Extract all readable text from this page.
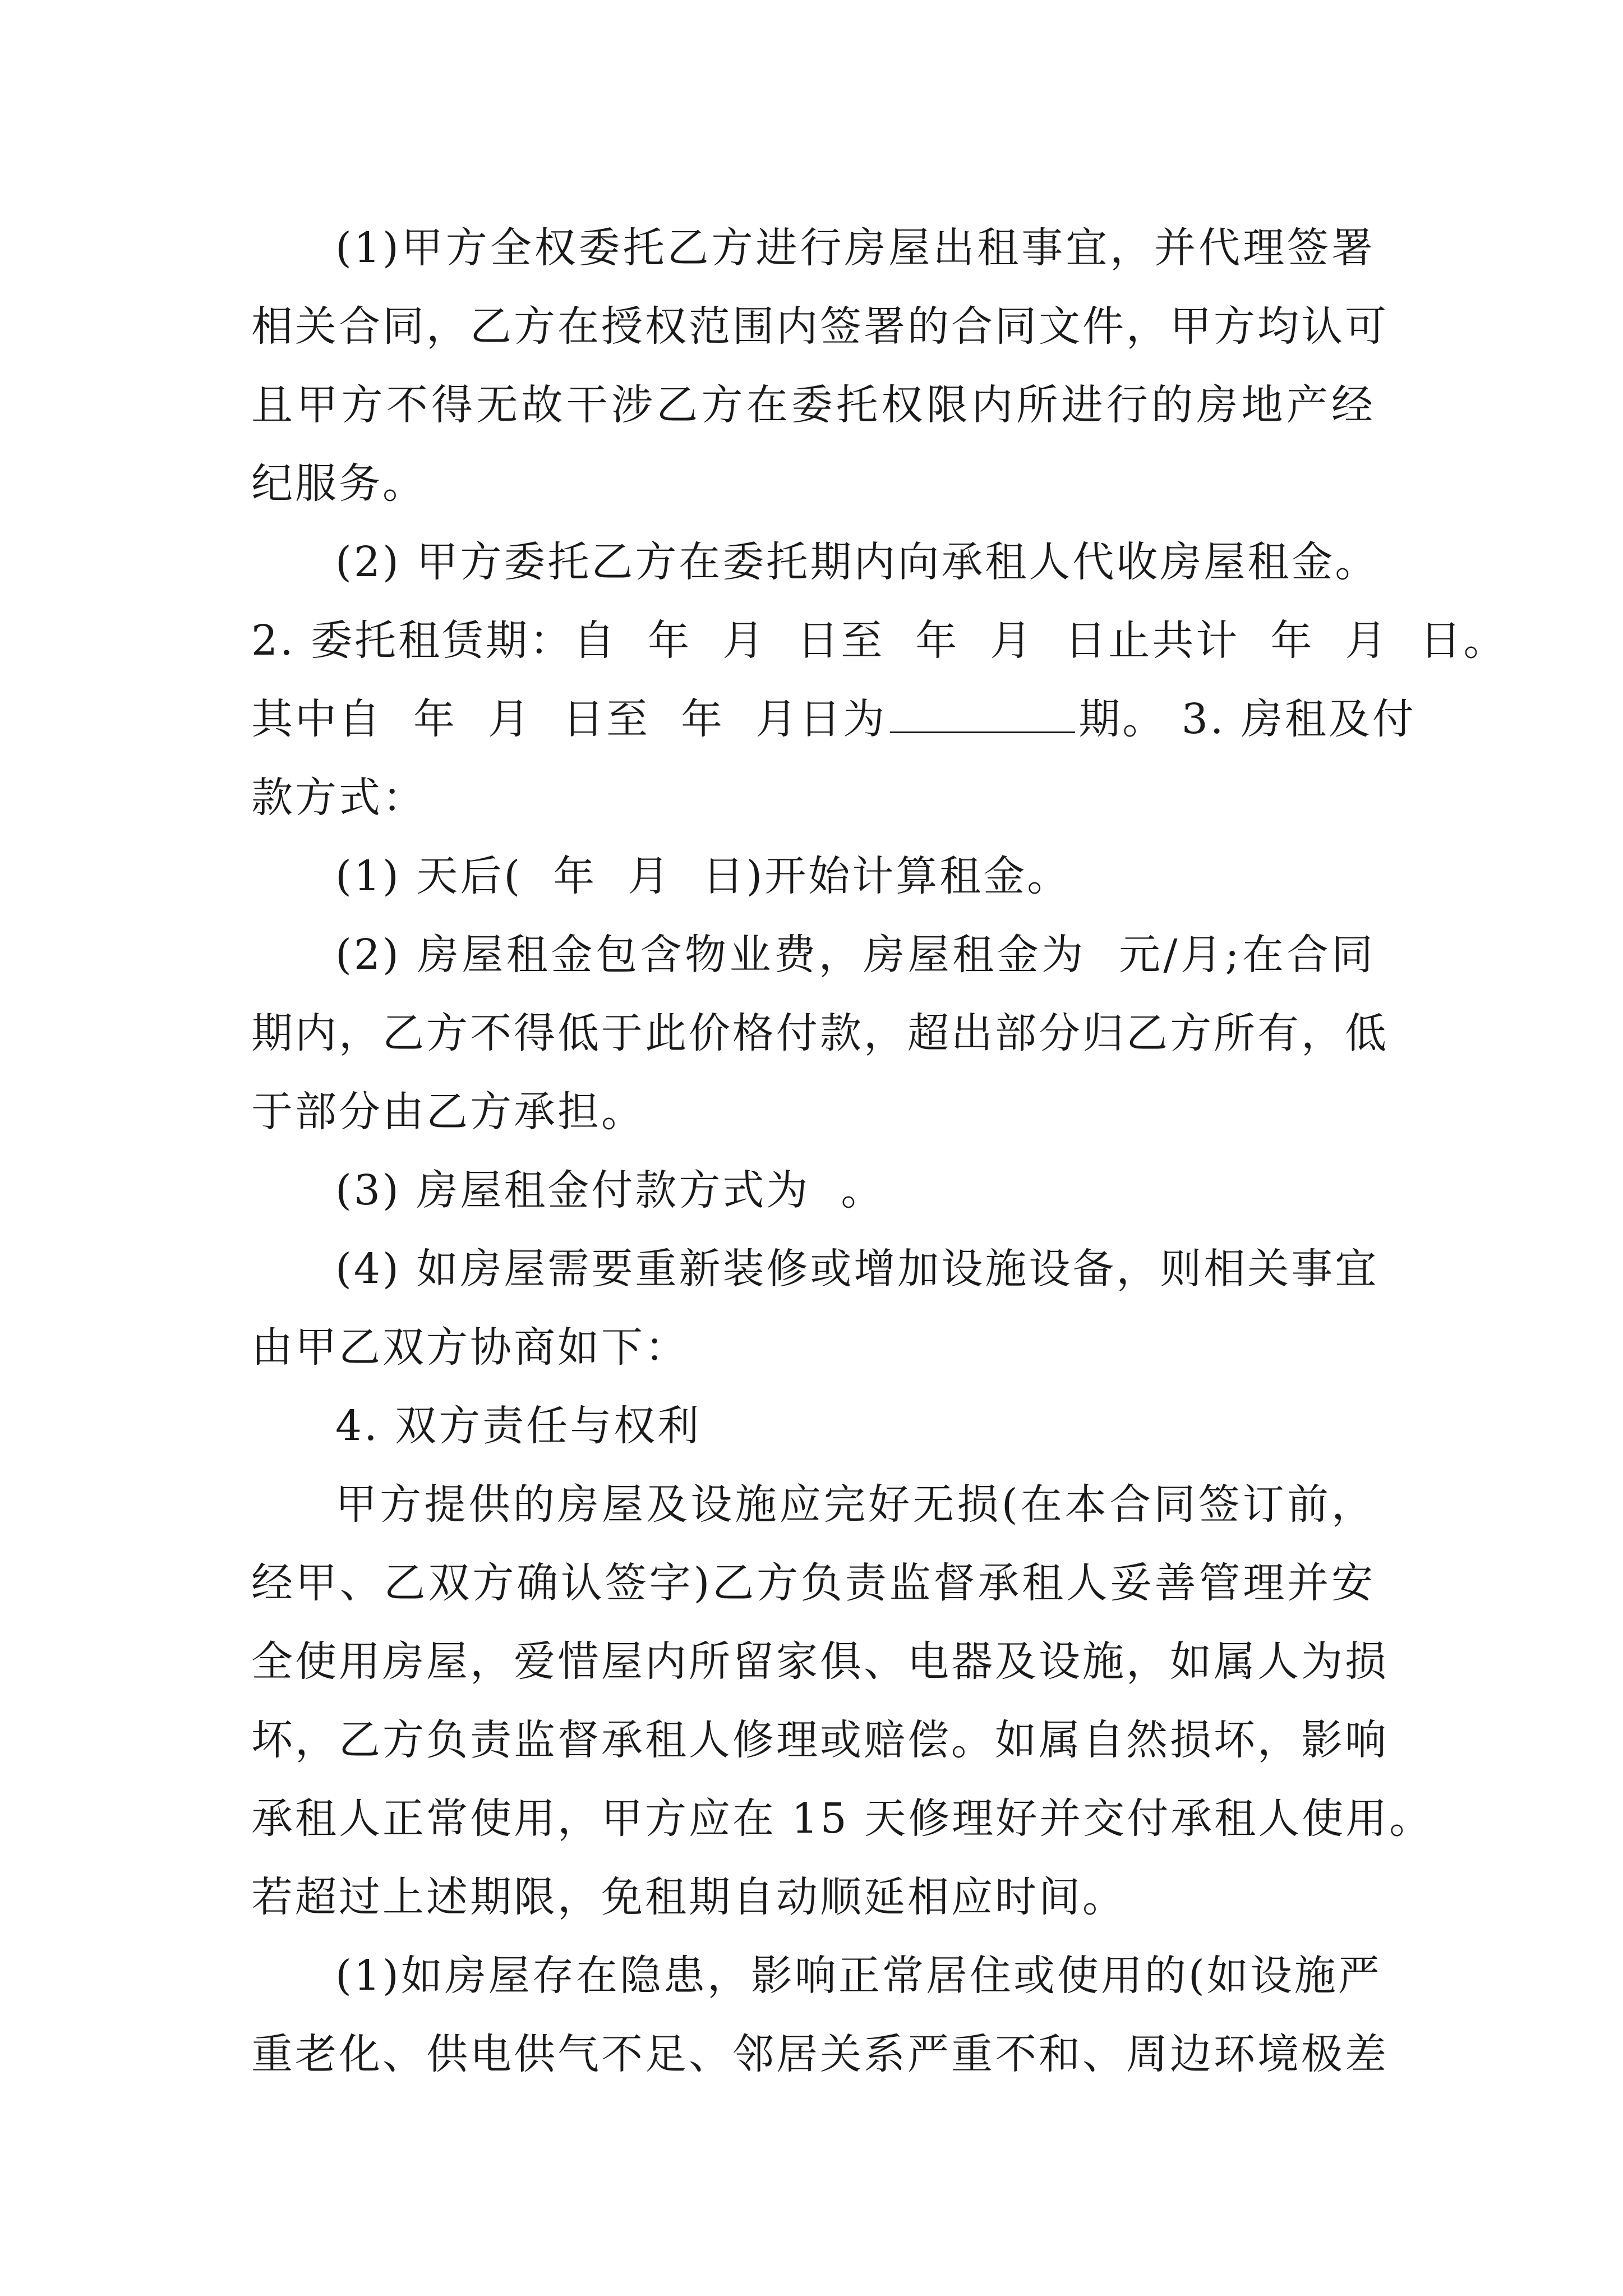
(1)甲方全权委托乙方进行房屋出租事宜，并代理签署
相关合同，乙方在授权范围内签署的合同文件，甲方均认可
且甲方不得无故干涉乙方在委托权限内所进行的房地产经
纪服务。
(2) 甲方委托乙方在委托期内向承租人代收房屋租金。
2. 委托租赁期：自  年  月  日至  年  月  日止共计  年  月  日。
其中自  年  月  日至  年  月日为	期。 3. 房租及付
款方式：
(1) 天后(  年  月  日)开始计算租金。
(2) 房屋租金包含物业费，房屋租金为  元/月;在合同
期内，乙方不得低于此价格付款，超出部分归乙方所有，低
于部分由乙方承担。
(3) 房屋租金付款方式为  。
(4) 如房屋需要重新装修或增加设施设备，则相关事宜
由甲乙双方协商如下：
4. 双方责任与权利
甲方提供的房屋及设施应完好无损(在本合同签订前，
经甲、乙双方确认签字)乙方负责监督承租人妥善管理并安
全使用房屋，爱惜屋内所留家俱、电器及设施，如属人为损
坏，乙方负责监督承租人修理或赔偿。如属自然损坏，影响
承租人正常使用，甲方应在 15 天修理好并交付承租人使用。
若超过上述期限，免租期自动顺延相应时间。
(1)如房屋存在隐患，影响正常居住或使用的(如设施严
重老化、供电供气不足、邻居关系严重不和、周边环境极差
